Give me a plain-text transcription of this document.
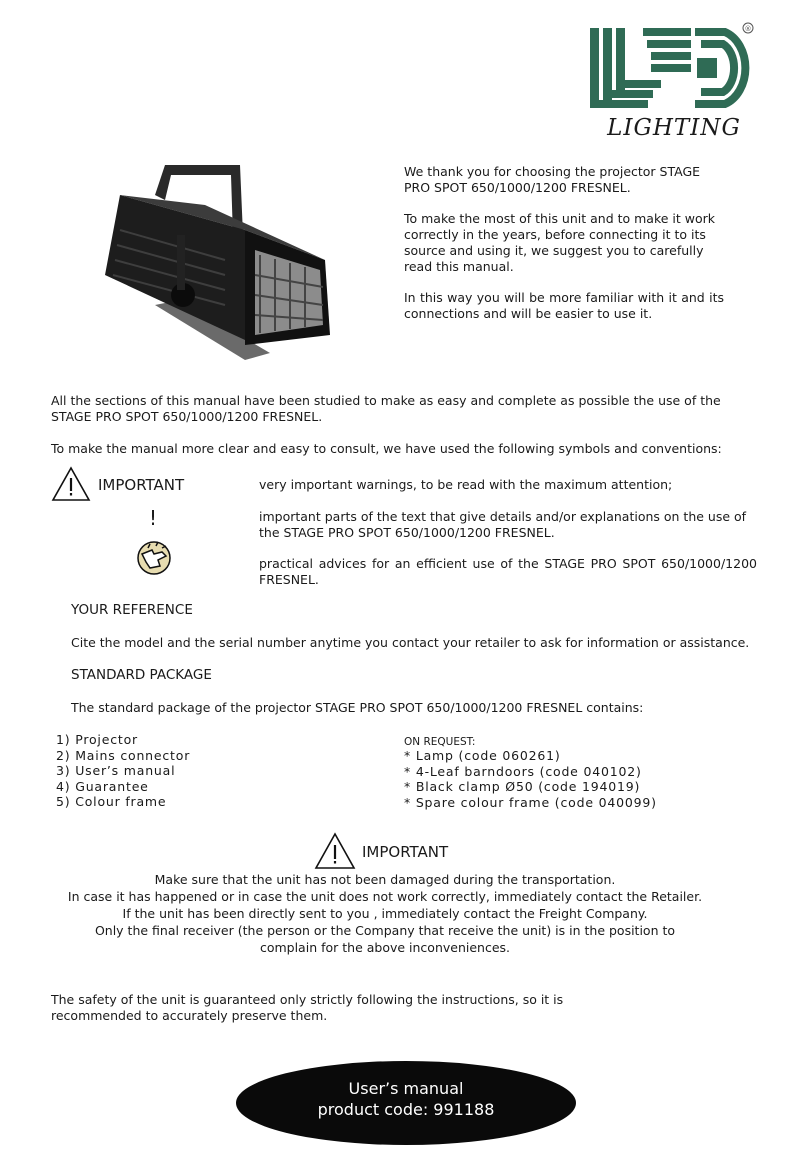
®
LIGHTING

We thank you for choosing the projector STAGE PRO SPOT 650/1000/1200 FRESNEL.

To make the most of this unit and to make it work correctly in the years, before connecting it to its source and using it, we suggest you to carefully read this manual.

In this way you will be more familiar with it and its connections and will be easier to use it.

All the sections of this manual have been studied to make as easy and complete as possible the use of the STAGE PRO SPOT 650/1000/1200 FRESNEL.

To make the manual more clear and easy to consult, we have used the following symbols and conventions:

IMPORTANT
!

very important warnings, to be read with the maximum attention;

important parts of the text that give details and/or explanations on the use of the STAGE PRO SPOT 650/1000/1200 FRESNEL.

practical advices for an efficient use of the STAGE PRO SPOT 650/1000/1200 FRESNEL.

YOUR REFERENCE

Cite the model and the serial number anytime you contact your retailer to ask for information or assistance.

STANDARD PACKAGE

The standard package of the projector STAGE PRO SPOT 650/1000/1200 FRESNEL contains:

1) Projector
2) Mains connector
3) User’s manual
4) Guarantee
5) Colour frame
ON REQUEST:
* Lamp (code 060261)
* 4-Leaf barndoors (code 040102)
* Black clamp Ø50 (code 194019)
* Spare colour frame (code 040099)
IMPORTANT
Make sure that the unit has not been damaged during the transportation.
In case it has happened or in case the unit does not work correctly, immediately contact the Retailer.
If the unit has been directly sent to you , immediately contact the Freight Company.
Only the final receiver (the person or the Company that receive the unit) is in the position to
complain for the above inconveniences.

The safety of the unit is guaranteed only strictly following the instructions, so it is recommended to accurately preserve them.

User’s manual
product code: 991188
